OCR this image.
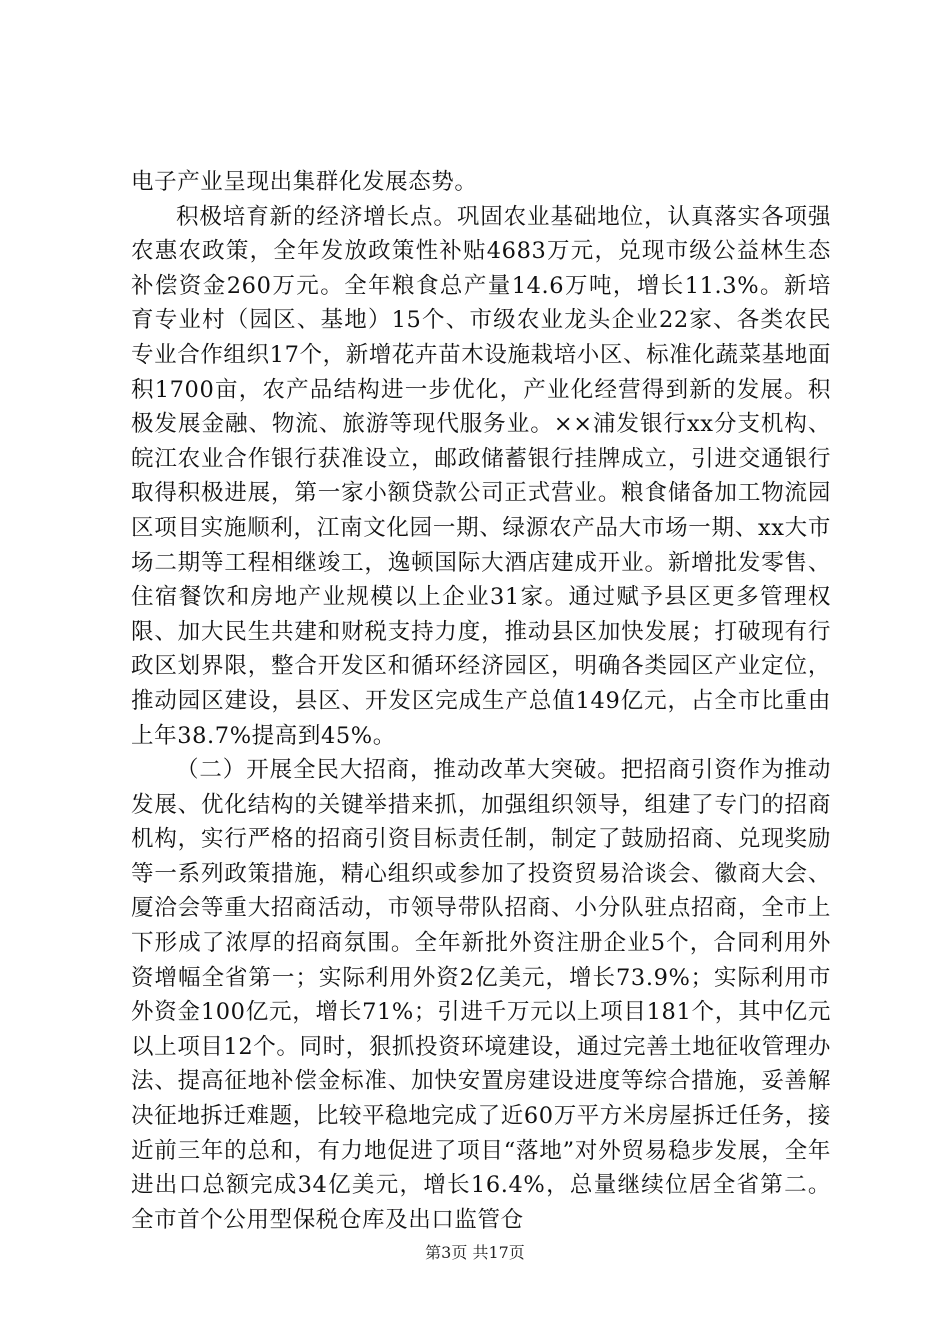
电子产业呈现出集群化发展态势。

积极培育新的经济增长点。巩固农业基础地位，认真落实各项强农惠农政策，全年发放政策性补贴4683万元，兑现市级公益林生态补偿资金260万元。全年粮食总产量14.6万吨，增长11.3%。新培育专业村（园区、基地）15个、市级农业龙头企业22家、各类农民专业合作组织17个，新增花卉苗木设施栽培小区、标准化蔬菜基地面积1700亩，农产品结构进一步优化，产业化经营得到新的发展。积极发展金融、物流、旅游等现代服务业。××浦发银行xx分支机构、皖江农业合作银行获准设立，邮政储蓄银行挂牌成立，引进交通银行取得积极进展，第一家小额贷款公司正式营业。粮食储备加工物流园区项目实施顺利，江南文化园一期、绿源农产品大市场一期、xx大市场二期等工程相继竣工，逸顿国际大酒店建成开业。新增批发零售、住宿餐饮和房地产业规模以上企业31家。通过赋予县区更多管理权限、加大民生共建和财税支持力度，推动县区加快发展；打破现有行政区划界限，整合开发区和循环经济园区，明确各类园区产业定位，推动园区建设，县区、开发区完成生产总值149亿元，占全市比重由上年38.7%提高到45%。

（二）开展全民大招商，推动改革大突破。把招商引资作为推动发展、优化结构的关键举措来抓，加强组织领导，组建了专门的招商机构，实行严格的招商引资目标责任制，制定了鼓励招商、兑现奖励等一系列政策措施，精心组织或参加了投资贸易洽谈会、徽商大会、厦洽会等重大招商活动，市领导带队招商、小分队驻点招商，全市上下形成了浓厚的招商氛围。全年新批外资注册企业5个，合同利用外资增幅全省第一；实际利用外资2亿美元，增长73.9%；实际利用市外资金100亿元，增长71%；引进千万元以上项目181个，其中亿元以上项目12个。同时，狠抓投资环境建设，通过完善土地征收管理办法、提高征地补偿金标准、加快安置房建设进度等综合措施，妥善解决征地拆迁难题，比较平稳地完成了近60万平方米房屋拆迁任务，接近前三年的总和，有力地促进了项目“落地”对外贸易稳步发展，全年进出口总额完成34亿美元，增长16.4%，总量继续位居全省第二。全市首个公用型保税仓库及出口监管仓

第3页 共17页
